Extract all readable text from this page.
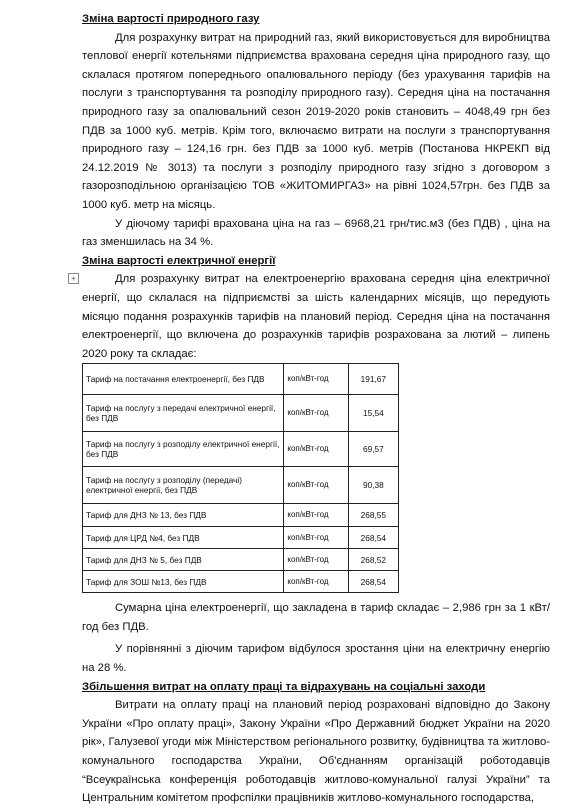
Зміна вартості природного газу

Для розрахунку витрат на природний газ, який використовується для виробництва теплової енергії котельнями підприємства врахована середня ціна природного газу, що склалася протягом попереднього опалювального періоду (без урахування тарифів на послуги з транспортування та розподілу природного газу). Середня ціна на постачання природного газу за опалювальний сезон 2019-2020 років становить – 4048,49 грн без ПДВ за 1000 куб. метрів. Крім того, включаємо витрати на послуги з транспортування природного газу – 124,16 грн. без ПДВ за 1000 куб. метрів (Постанова НКРЕКП від 24.12.2019 № 3013) та послуги з розподілу природного газу згідно з договором з газорозподільною організацією ТОВ «ЖИТОМИРГАЗ» на рівні 1024,57грн. без ПДВ за 1000 куб. метр на місяць.

У діючому тарифі врахована ціна на газ – 6968,21 грн/тис.м3 (без ПДВ) , ціна на газ зменшилась на 34 %.

Зміна вартості електричної енергії
+	Для розрахунку витрат на електроенергію врахована середня ціна електричної енергії, що склалася на підприємстві за шість календарних місяців, що передують місяцю подання розрахунків тарифів на плановий період. Середня ціна на постачання електроенергії, що включена до розрахунків тарифів розрахована за лютий – липень 2020 року та складає:

Тариф на постачання електроенергії, без ПДВ	коп/кВт-год	191,67
Тариф на послугу з передачі електричної енергії, без ПДВ	коп/кВт-год	15,54
Тариф на послугу з розподілу електричної енергії, без ПДВ	коп/кВт-год	69,57
Тариф на послугу з розподілу (передачі) електричної енергії, без ПДВ	коп/кВт-год	90,38
Тариф для ДНЗ № 13, без ПДВ	коп/кВт-год	268,55
Тариф для ЦРД №4, без ПДВ	коп/кВт-год	268,54
Тариф для ДНЗ № 5, без ПДВ	коп/кВт-год	268,52
Тариф для ЗОШ №13, без ПДВ	коп/кВт-год	268,54

Сумарна ціна електроенергії, що закладена в тариф складає – 2,986 грн за 1 кВт/год без ПДВ.

У порівнянні з діючим тарифом відбулося зростання ціни на електричну енергію на 28 %.

Збільшення витрат на оплату праці та відрахувань на соціальні заходи

Витрати на оплату праці на плановий період розраховані відповідно до Закону України «Про оплату праці», Закону України «Про Державний бюджет України на 2020 рік», Галузевої угоди між Міністерством регіонального розвитку, будівництва та житлово-комунального господарства України, Об'єднанням організацій роботодавців “Всеукраїнська конференція роботодавців житлово-комунальної галузі України” та Центральним комітетом профспілки працівників житлово-комунального господарства,
